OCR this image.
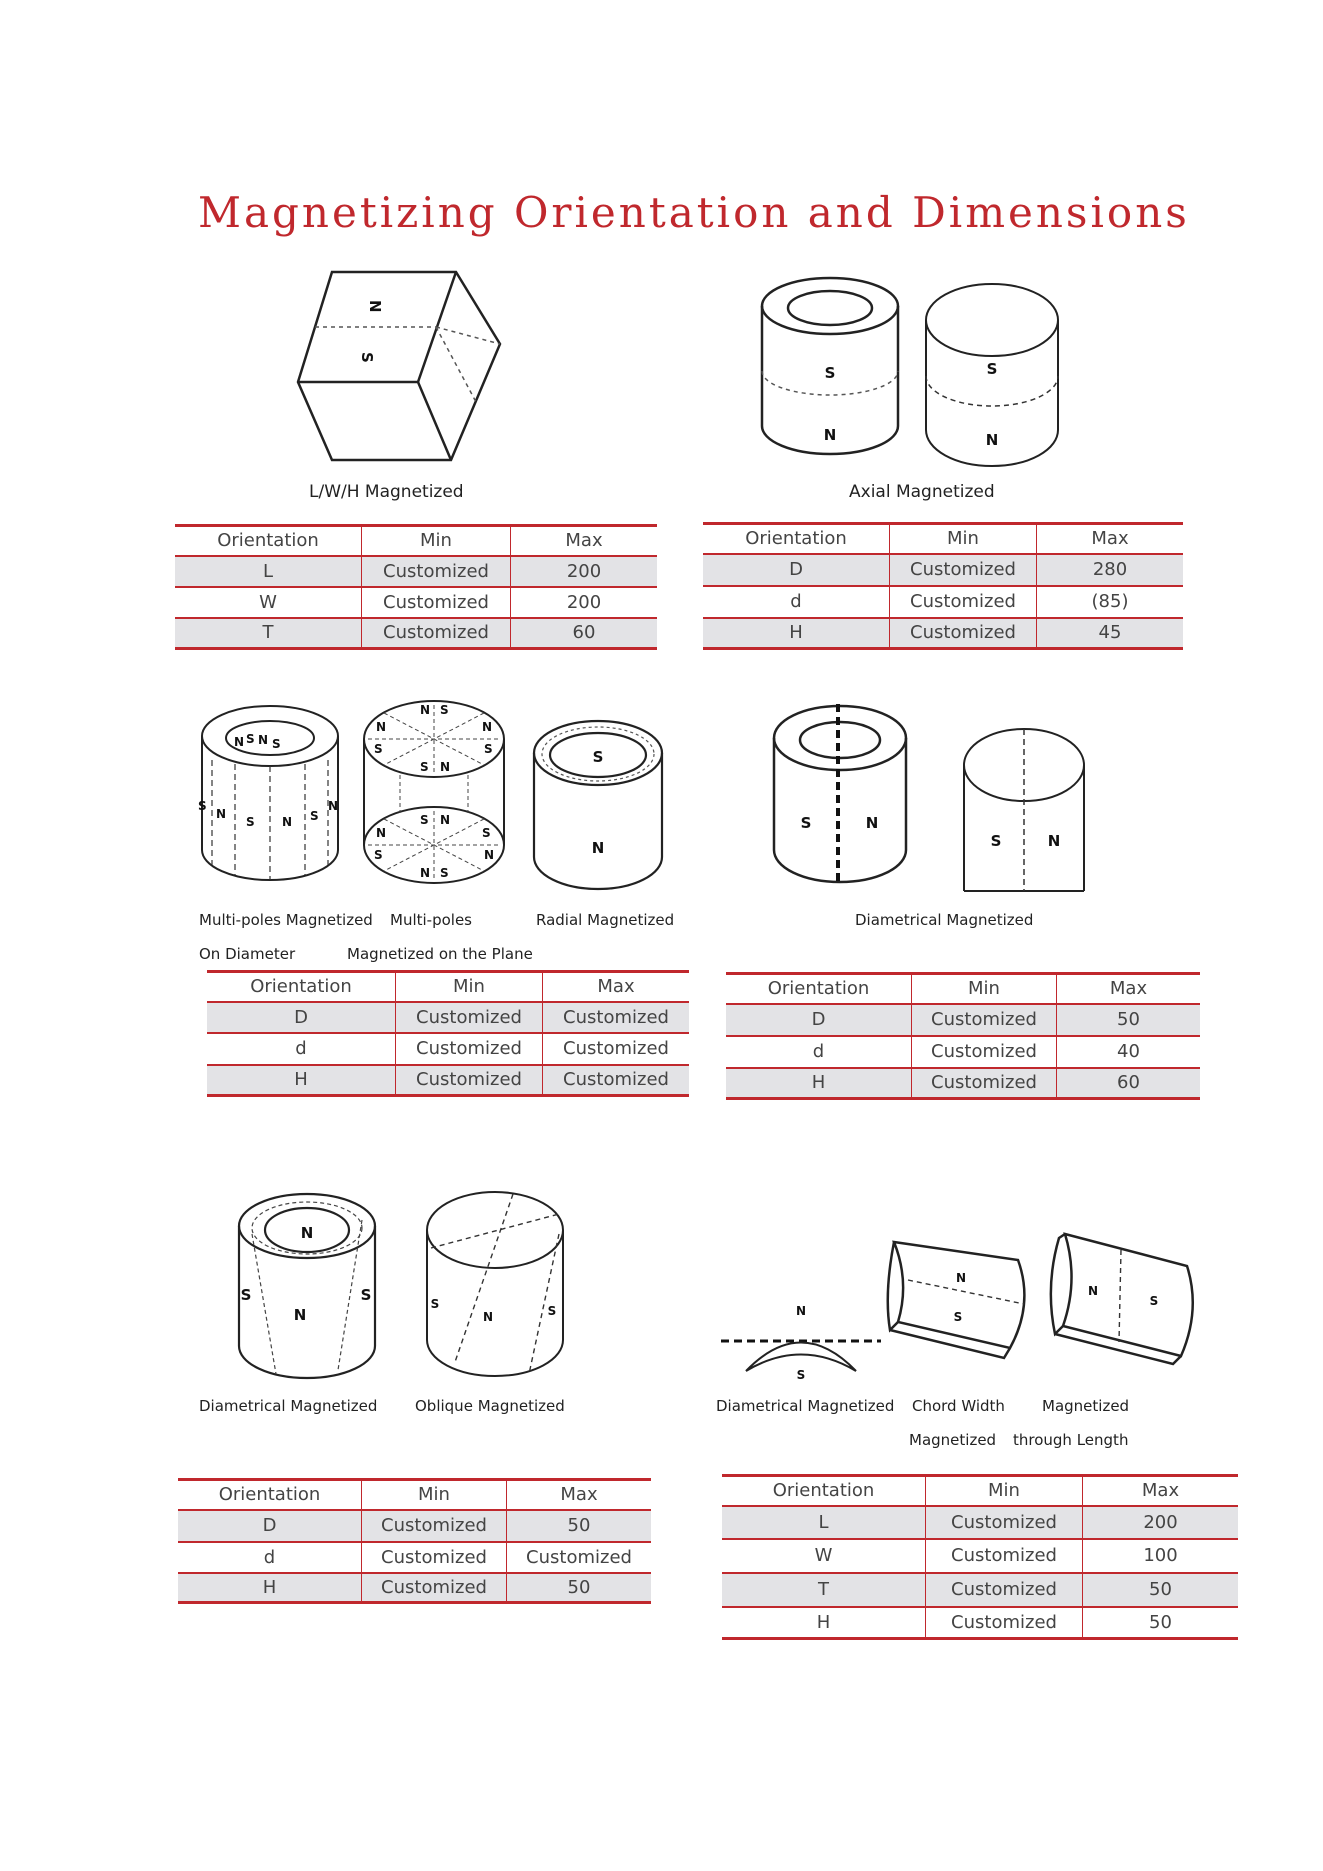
Magnetizing Orientation and Dimensions
N
S
L/W/H Magnetized
S
N
S
N
Axial Magnetized
Orientation	Min	Max
L	Customized	200
W	Customized	200
T	Customized	60
Orientation	Min	Max
D	Customized	280
d	Customized	(85)
H	Customized	45
N S N S
S
N
S N S
N
N S
N	N
S	S
S N
S N
N	S
S	N
N S
S
N
S	N
S	N
Multi-poles Magnetized
On Diameter
Multi-poles
Magnetized on the Plane
Radial Magnetized	Diametrical Magnetized
Orientation	Min	Max
D	Customized	Customized
d	Customized	Customized
H	Customized	Customized
Orientation	Min	Max
D	Customized	50
d	Customized	40
H	Customized	60
N
S
N
S	S
N	S	N
S
N
S
N
S
Diametrical Magnetized	Oblique Magnetized	Diametrical Magnetized Chord Width
Magnetized
Magnetized
through Length
Orientation	Min	Max
D	Customized	50
d	Customized	Customized
H	Customized	50
Orientation	Min	Max
L	Customized	200
W	Customized	100
T	Customized	50
H	Customized	50
